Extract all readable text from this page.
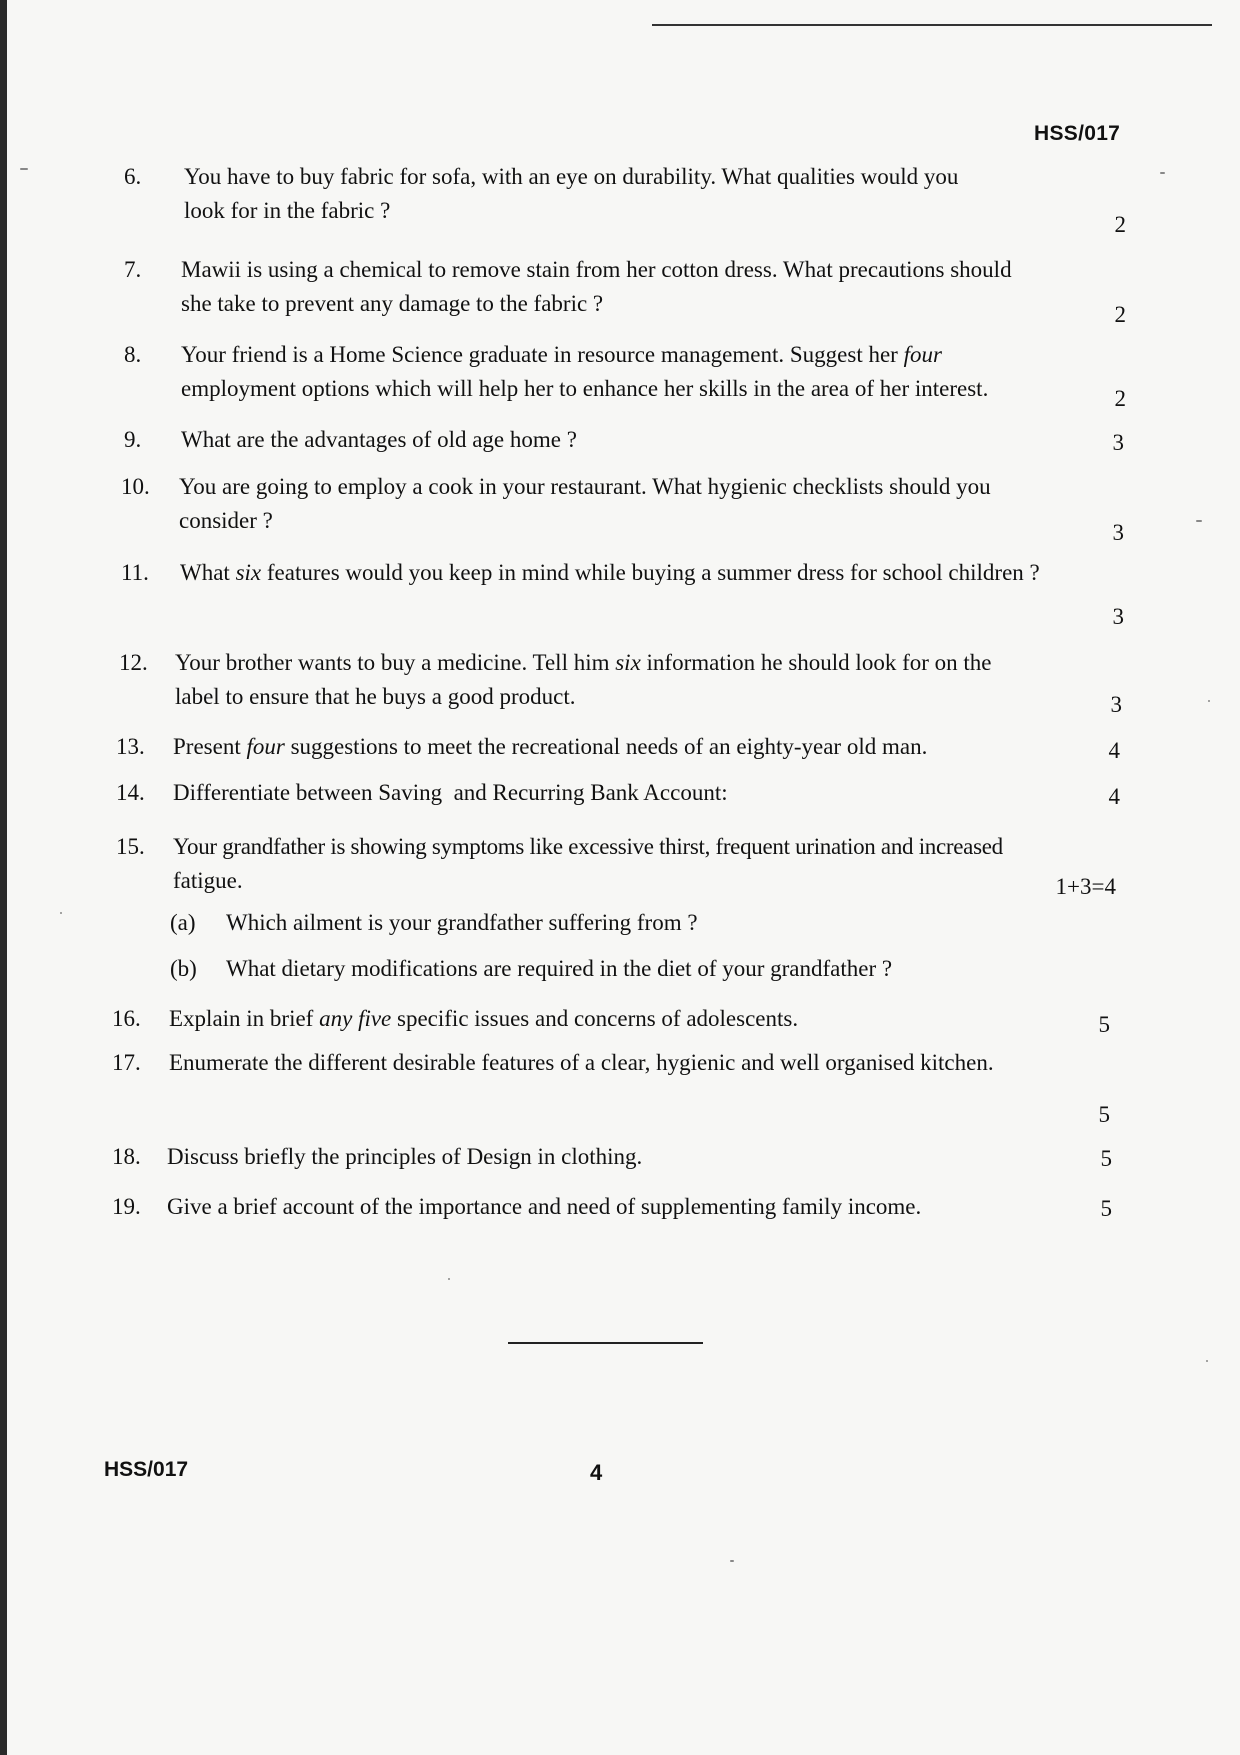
HSS/017
6.	You have to buy fabric for sofa, with an eye on durability. What qualities would you
look for in the fabric ?
2
7.	Mawii is using a chemical to remove stain from her cotton dress. What precautions should
she take to prevent any damage to the fabric ?	2
8.	Your friend is a Home Science graduate in resource management. Suggest her four
employment options which will help her to enhance her skills in the area of her interest.	2
9.	What are the advantages of old age home ?	3
10.	You are going to employ a cook in your restaurant. What hygienic checklists should you
consider ?	3
11.	What six features would you keep in mind while buying a summer dress for school children ?
3
12.	Your brother wants to buy a medicine. Tell him six information he should look for on the
label to ensure that he buys a good product.	3
13.	Present four suggestions to meet the recreational needs of an eighty-year old man.	4
14.	Differentiate between Saving  and Recurring Bank Account:	4
15.	Your grandfather is showing symptoms like excessive thirst, frequent urination and increased
fatigue.	1+3=4
(a) Which ailment is your grandfather suffering from ?
(b) What dietary modifications are required in the diet of your grandfather ?
16.	Explain in brief any five specific issues and concerns of adolescents.	5
17.	Enumerate the different desirable features of a clear, hygienic and well organised kitchen.
5
18.	Discuss briefly the principles of Design in clothing.	5
19.	Give a brief account of the importance and need of supplementing family income.	5
HSS/017	4
